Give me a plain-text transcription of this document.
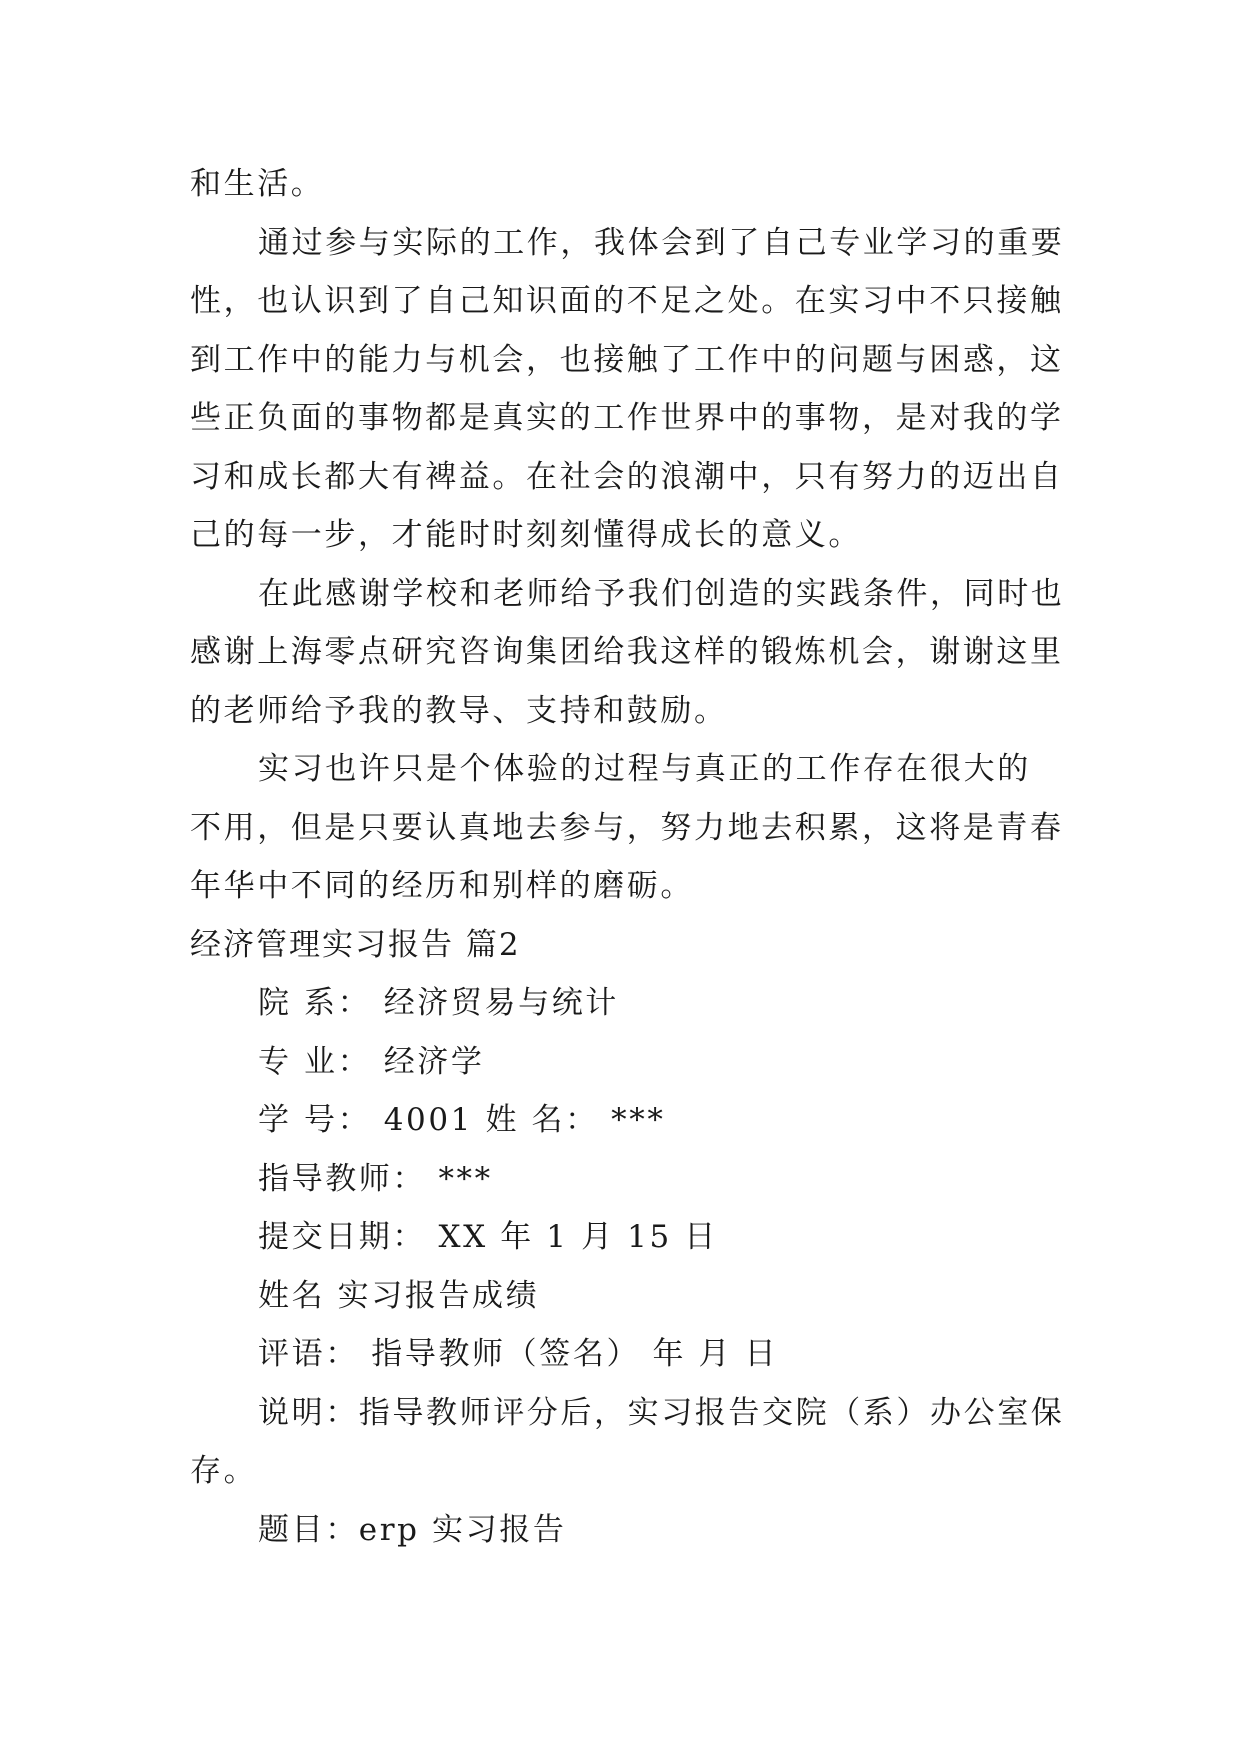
和生活。
通过参与实际的工作，我体会到了自己专业学习的重要
性，也认识到了自己知识面的不足之处。在实习中不只接触
到工作中的能力与机会，也接触了工作中的问题与困惑，这
些正负面的事物都是真实的工作世界中的事物，是对我的学
习和成长都大有裨益。在社会的浪潮中，只有努力的迈出自
己的每一步，才能时时刻刻懂得成长的意义。
在此感谢学校和老师给予我们创造的实践条件，同时也
感谢上海零点研究咨询集团给我这样的锻炼机会，谢谢这里
的老师给予我的教导、支持和鼓励。
实习也许只是个体验的过程与真正的工作存在很大的
不用，但是只要认真地去参与，努力地去积累，这将是青春
年华中不同的经历和别样的磨砺。
经济管理实习报告 篇2
院 系： 经济贸易与统计
专 业： 经济学
学 号： 4001 姓 名： ***
指导教师： ***
提交日期： XX 年 1 月 15 日
姓名 实习报告成绩
评语： 指导教师（签名） 年 月 日
说明：指导教师评分后，实习报告交院（系）办公室保
存。
题目：erp 实习报告
